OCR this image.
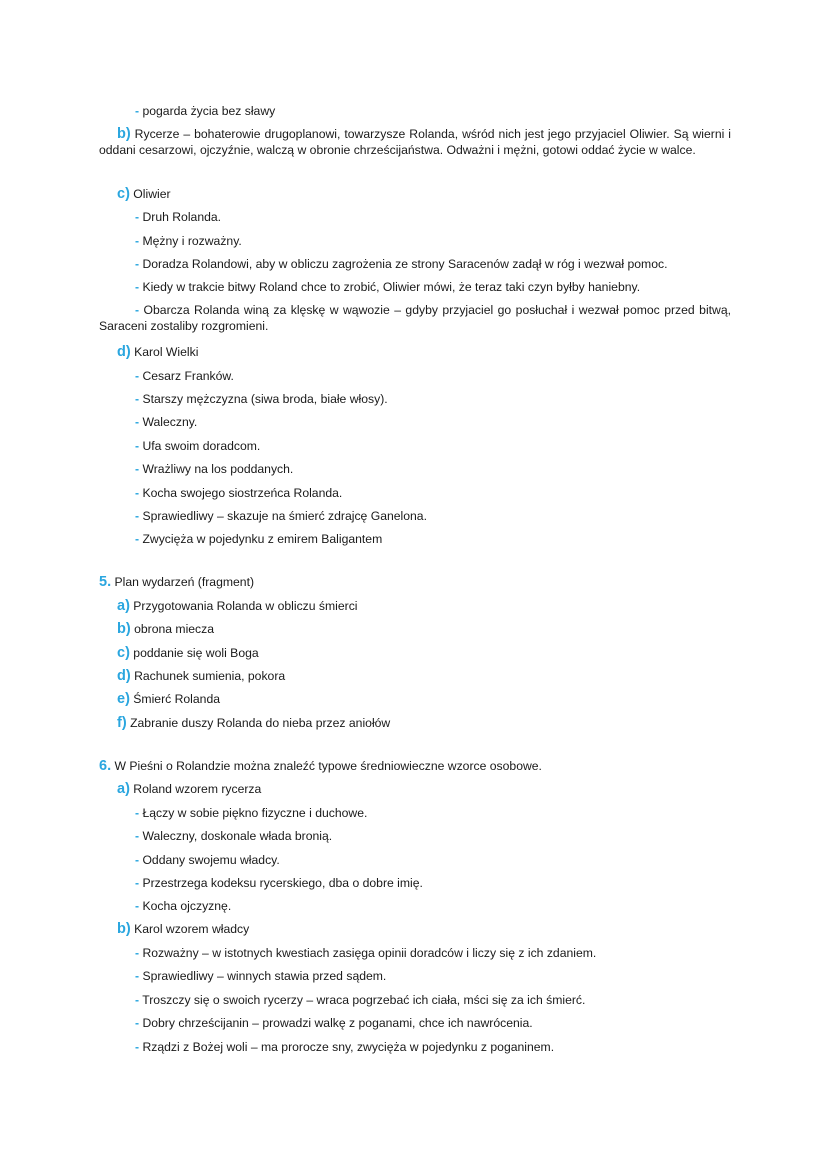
- pogarda życia bez sławy
b) Rycerze – bohaterowie drugoplanowi, towarzysze Rolanda, wśród nich jest jego przyjaciel Oliwier. Są wierni i oddani cesarzowi, ojczyźnie, walczą w obronie chrześcijaństwa. Odważni i mężni, gotowi oddać życie w walce.
c) Oliwier
- Druh Rolanda.
- Mężny i rozważny.
- Doradza Rolandowi, aby w obliczu zagrożenia ze strony Saracenów zadął w róg i wezwał pomoc.
- Kiedy w trakcie bitwy Roland chce to zrobić, Oliwier mówi, że teraz taki czyn byłby haniebny.
- Obarcza Rolanda winą za klęskę w wąwozie – gdyby przyjaciel go posłuchał i wezwał pomoc przed bitwą, Saraceni zostaliby rozgromieni.
d) Karol Wielki
- Cesarz Franków.
- Starszy mężczyzna (siwa broda, białe włosy).
- Waleczny.
- Ufa swoim doradcom.
- Wrażliwy na los poddanych.
- Kocha swojego siostrzeńca Rolanda.
- Sprawiedliwy – skazuje na śmierć zdrajcę Ganelona.
- Zwycięża w pojedynku z emirem Baligantem
5. Plan wydarzeń (fragment)
a) Przygotowania Rolanda w obliczu śmierci
b) obrona miecza
c) poddanie się woli Boga
d) Rachunek sumienia, pokora
e) Śmierć Rolanda
f) Zabranie duszy Rolanda do nieba przez aniołów
6. W Pieśni o Rolandzie można znaleźć typowe średniowieczne wzorce osobowe.
a) Roland wzorem rycerza
- Łączy w sobie piękno fizyczne i duchowe.
- Waleczny, doskonale włada bronią.
- Oddany swojemu władcy.
- Przestrzega kodeksu rycerskiego, dba o dobre imię.
- Kocha ojczyznę.
b) Karol wzorem władcy
- Rozważny – w istotnych kwestiach zasięga opinii doradców i liczy się z ich zdaniem.
- Sprawiedliwy – winnych stawia przed sądem.
- Troszczy się o swoich rycerzy – wraca pogrzebać ich ciała, mści się za ich śmierć.
- Dobry chrześcijanin – prowadzi walkę z poganami, chce ich nawrócenia.
- Rządzi z Bożej woli – ma prorocze sny, zwycięża w pojedynku z poganinem.
